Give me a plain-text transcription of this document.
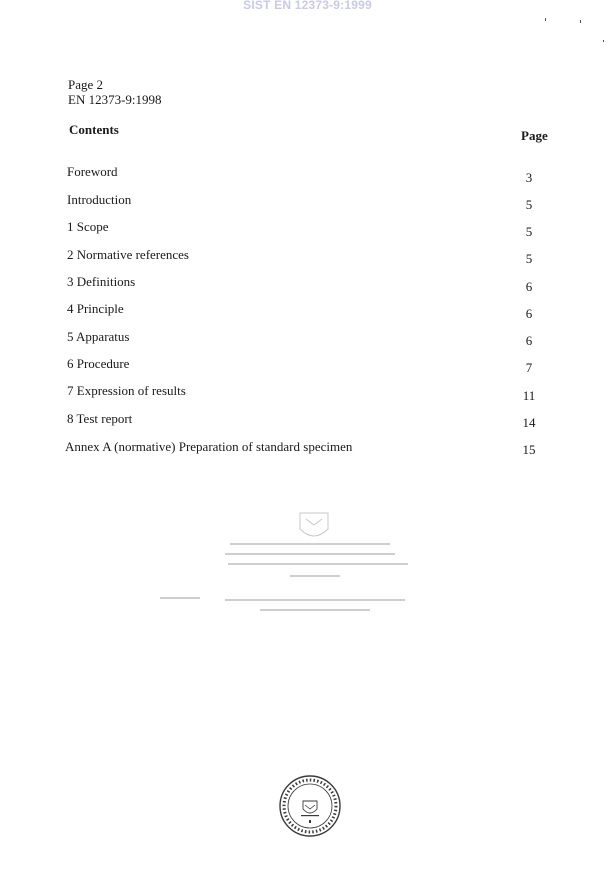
SIST EN 12373-9:1999
Page 2
EN 12373-9:1998
Contents	Page
Foreword	3
Introduction	5
1 Scope	5
2 Normative references	5
3 Definitions	6
4 Principle	6
5 Apparatus	6
6 Procedure	7
7 Expression of results	11
8 Test report	14
Annex A (normative) Preparation of standard specimen	15
